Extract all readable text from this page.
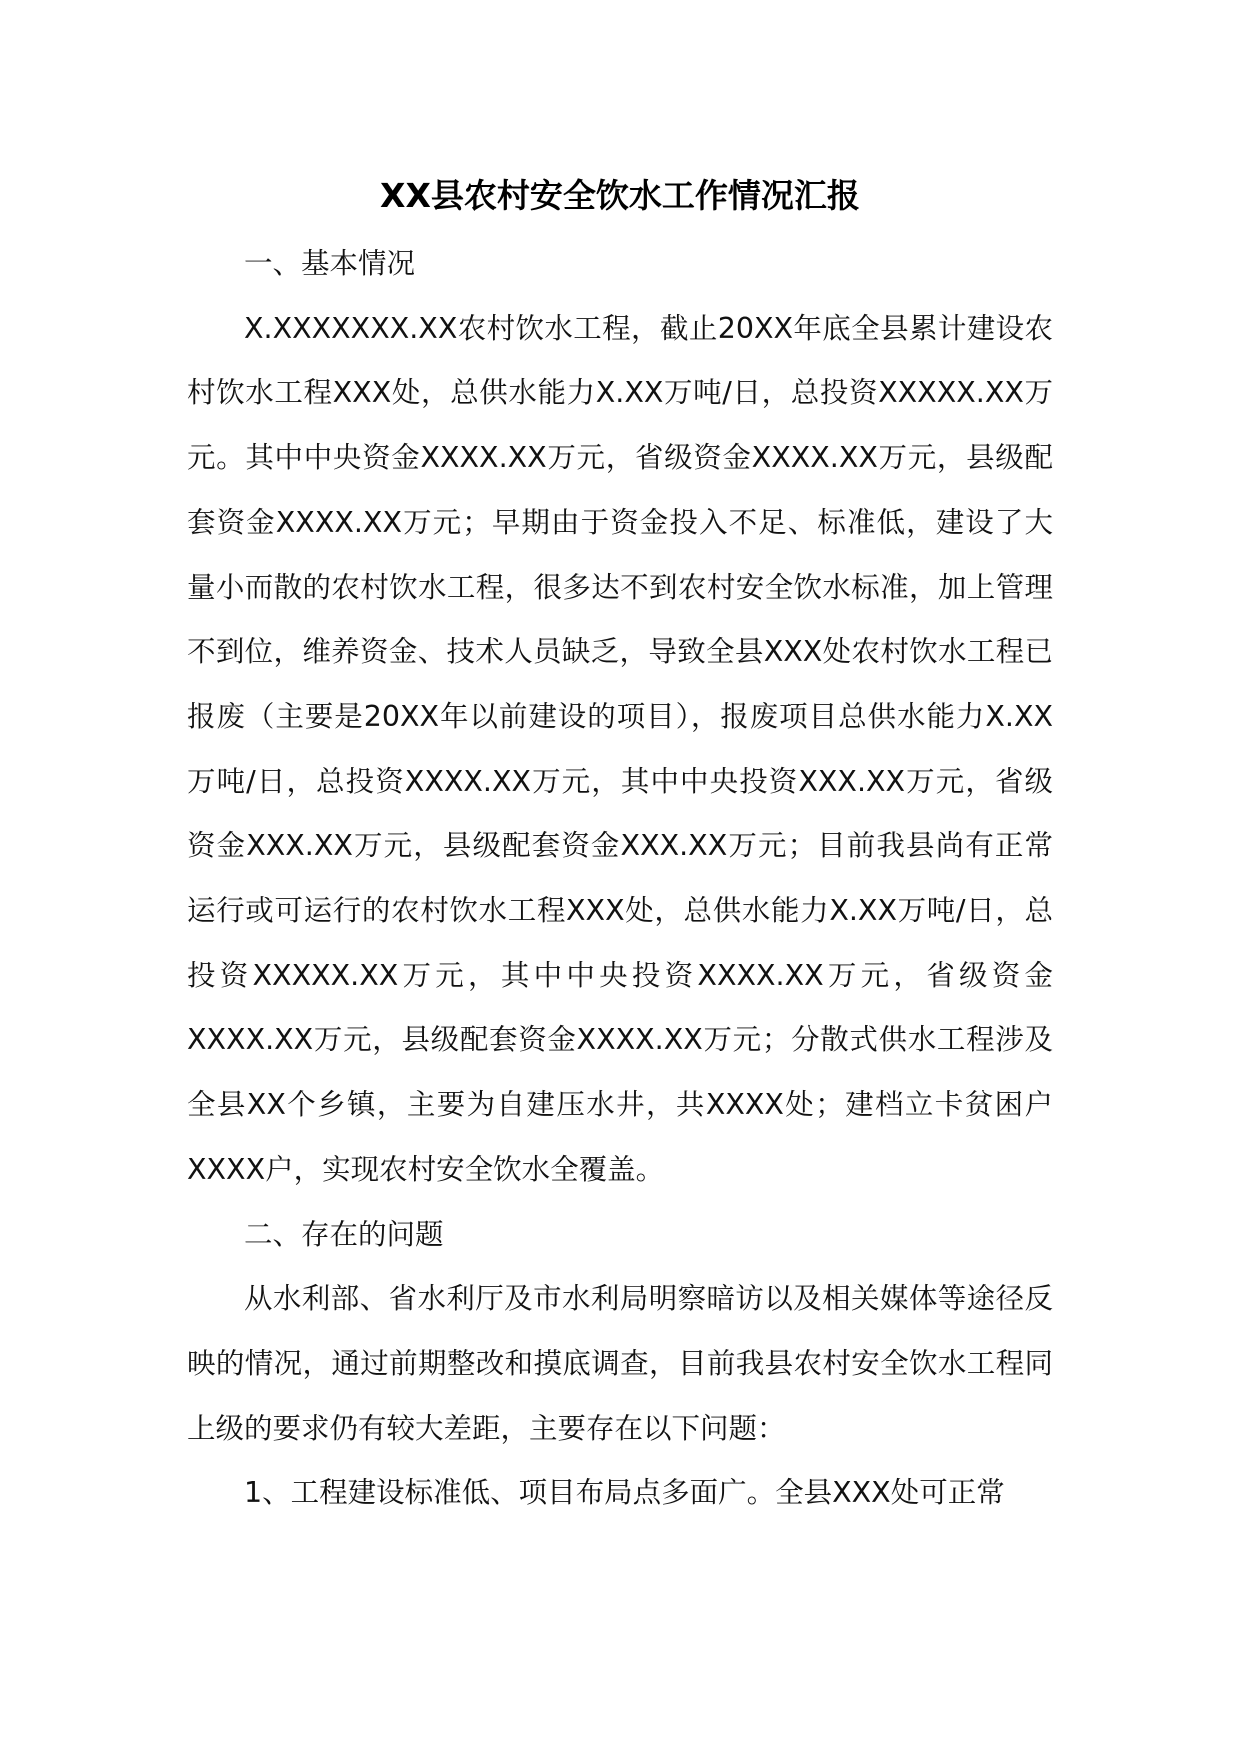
XX县农村安全饮水工作情况汇报

一、基本情况

X.XXXXXXX.XX农村饮水工程，截止20XX年底全县累计建设农村饮水工程XXX处，总供水能力X.XX万吨/日，总投资XXXXX.XX万元。其中中央资金XXXX.XX万元，省级资金XXXX.XX万元，县级配套资金XXXX.XX万元；早期由于资金投入不足、标准低，建设了大量小而散的农村饮水工程，很多达不到农村安全饮水标准，加上管理不到位，维养资金、技术人员缺乏，导致全县XXX处农村饮水工程已报废（主要是20XX年以前建设的项目），报废项目总供水能力X.XX万吨/日，总投资XXXX.XX万元，其中中央投资XXX.XX万元，省级资金XXX.XX万元，县级配套资金XXX.XX万元；目前我县尚有正常运行或可运行的农村饮水工程XXX处，总供水能力X.XX万吨/日，总投资XXXXX.XX万元，其中中央投资XXXX.XX万元，省级资金XXXX.XX万元，县级配套资金XXXX.XX万元；分散式供水工程涉及全县XX个乡镇，主要为自建压水井，共XXXX处；建档立卡贫困户XXXX户，实现农村安全饮水全覆盖。

二、存在的问题

从水利部、省水利厅及市水利局明察暗访以及相关媒体等途径反映的情况，通过前期整改和摸底调查，目前我县农村安全饮水工程同上级的要求仍有较大差距，主要存在以下问题：

1、工程建设标准低、项目布局点多面广。全县XXX处可正常
